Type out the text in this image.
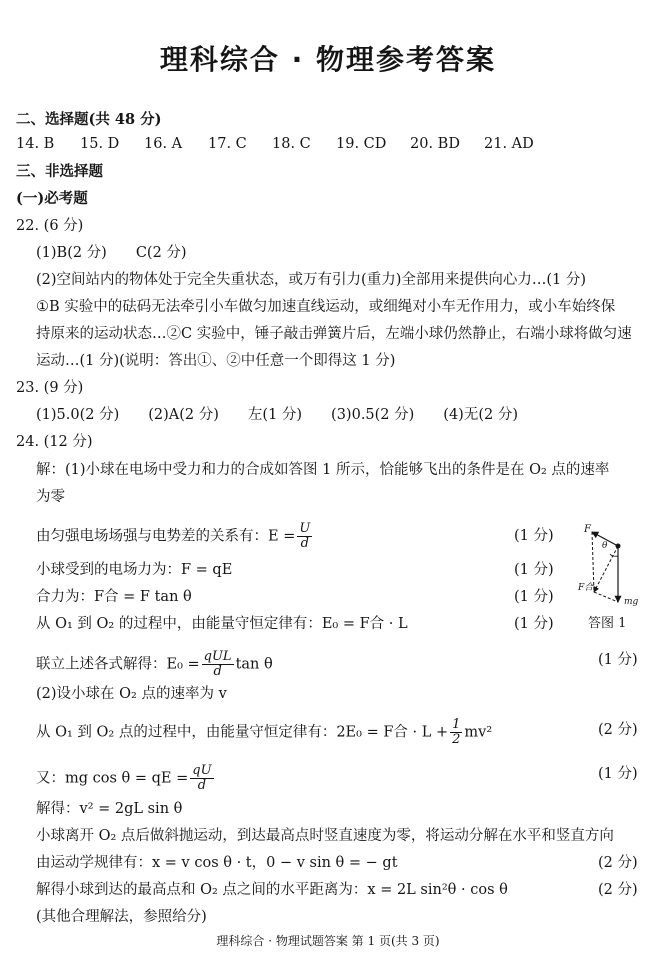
理科综合 · 物理参考答案
二、选择题(共 48 分)
14. B 15. D 16. A 17. C 18. C 19. CD 20. BD 21. AD
三、非选择题
(一)必考题
22. (6 分)
(1)B(2 分)　　C(2 分)
(2)空间站内的物体处于完全失重状态，或万有引力(重力)全部用来提供向心力…(1 分)
①B 实验中的砝码无法牵引小车做匀加速直线运动，或细绳对小车无作用力，或小车始终保
持原来的运动状态…②C 实验中，锤子敲击弹簧片后，左端小球仍然静止，右端小球将做匀速
运动…(1 分)(说明：答出①、②中任意一个即得这 1 分)
23. (9 分)
(1)5.0(2 分)　　(2)A(2 分)　　左(1 分)　　(3)0.5(2 分)　　(4)无(2 分)
24. (12 分)
解：(1)小球在电场中受力和力的合成如答图 1 所示，恰能够飞出的条件是在 O₂ 点的速率
为零
由匀强电场场强与电势差的关系有：$E = \frac{U}{d}$	(1 分)
小球受到的电场力为：F = qE	(1 分)
合力为：F合 = F tan θ	(1 分)
从 O₁ 到 O₂ 的过程中，由能量守恒定律有：E₀ = F合 · L	(1 分)
联立上述各式解得：$E_0 = \frac{\text{qUL}}{d}$ tan θ	(1 分)
(2)设小球在 O₂ 点的速率为 v
从 O₁ 到 O₂ 点的过程中，由能量守恒定律有：2E₀ = F合 · $L + \frac{1}{2} mv^2$	(2 分)
又：mg cos θ = qE = $\frac{qU}{d}$	(1 分)
解得：v² = 2gL sin θ
小球离开 O₂ 点后做斜抛运动，到达最高点时竖直速度为零，将运动分解在水平和竖直方向
由运动学规律有：x = v cos θ · t，0 − v sin θ = − gt	(2 分)
解得小球到达的最高点和 O₂ 点之间的水平距离为：x = 2L sin²θ · cos θ	(2 分)
(其他合理解法，参照给分)
F
θ
F合
mg
答图 1
理科综合 · 物理试题答案 第 1 页(共 3 页)
